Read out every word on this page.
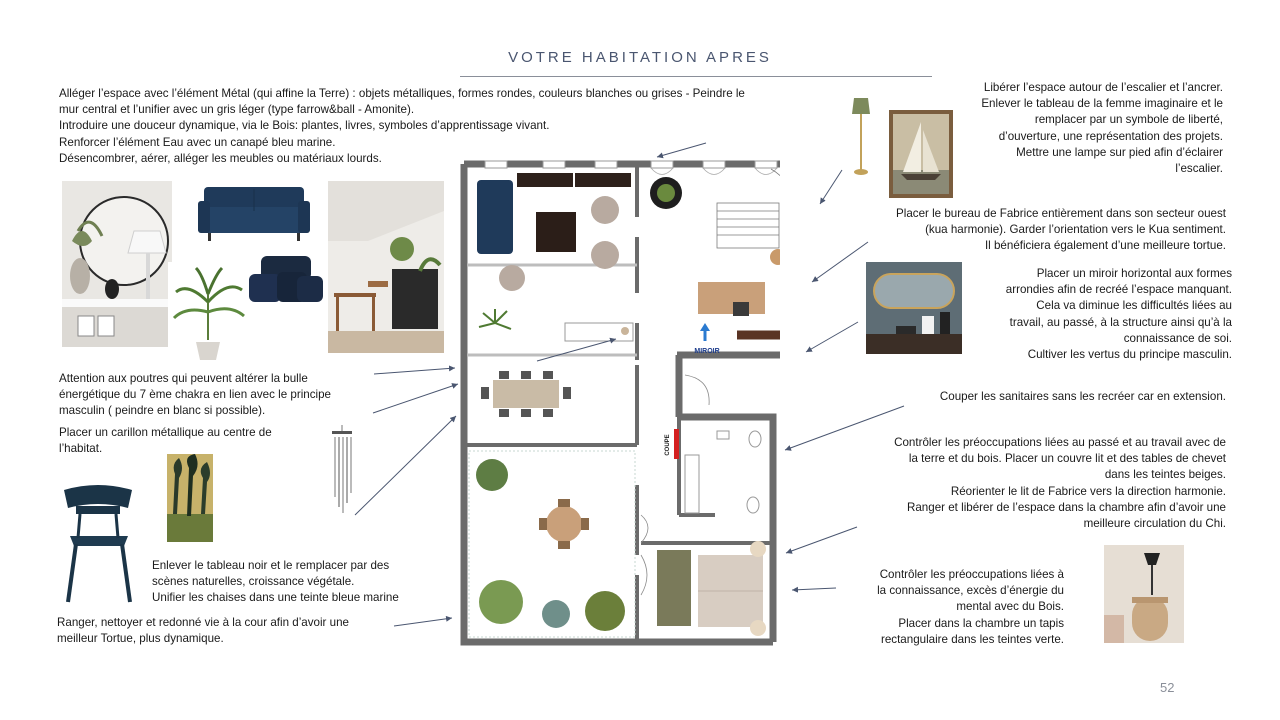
VOTRE HABITATION APRES

Alléger l’espace avec l’élément Métal (qui affine la Terre) : objets métalliques, formes rondes, couleurs blanches ou grises - Peindre le
mur central et l’unifier avec un gris léger (type farrow&ball - Amonite).
Introduire une douceur dynamique, via le Bois: plantes, livres, symboles d’apprentissage vivant.
Renforcer l’élément Eau avec un canapé bleu marine.
Désencombrer, aérer, alléger les meubles ou matériaux lourds.

Attention aux poutres qui peuvent altérer la bulle
énergétique du 7 ème chakra en lien avec le principe
masculin ( peindre en blanc si possible).

Placer un carillon métallique au centre de
l’habitat.

Enlever le tableau noir et le remplacer par des
scènes naturelles, croissance végétale.
Unifier les chaises dans une teinte bleue marine

Ranger, nettoyer et redonné vie à la cour afin d’avoir une
meilleur Tortue, plus dynamique.

Libérer l’espace autour de l’escalier et l’ancrer.
Enlever le tableau de la femme imaginaire et le
remplacer par un symbole de liberté,
d’ouverture, une représentation des projets.
Mettre une lampe sur pied afin d’éclairer
l’escalier.

Placer le bureau de Fabrice entièrement dans son secteur ouest
(kua harmonie). Garder l’orientation vers le Kua sentiment.
Il bénéficiera également d’une meilleure tortue.

Placer un miroir horizontal aux formes
arrondies afin de recréé l’espace manquant.
Cela va diminue les difficultés liées au
travail, au passé, à la structure ainsi qu’à la
connaissance de soi.
Cultiver les vertus du principe masculin.

Couper les sanitaires sans les recréer car en extension.

Contrôler les préoccupations liées au passé et au travail avec de
la terre et du bois. Placer un couvre lit et des tables de chevet
dans les teintes beiges.
Réorienter le lit de Fabrice vers la direction harmonie.
Ranger et libérer de l’espace dans la chambre afin d’avoir une
meilleure circulation du Chi.

Contrôler les préoccupations liées à
la connaissance, excès d’énergie du
mental avec du Bois.
Placer dans la chambre un tapis
rectangulaire dans les teintes verte.

52
MIROIR
COUPE
